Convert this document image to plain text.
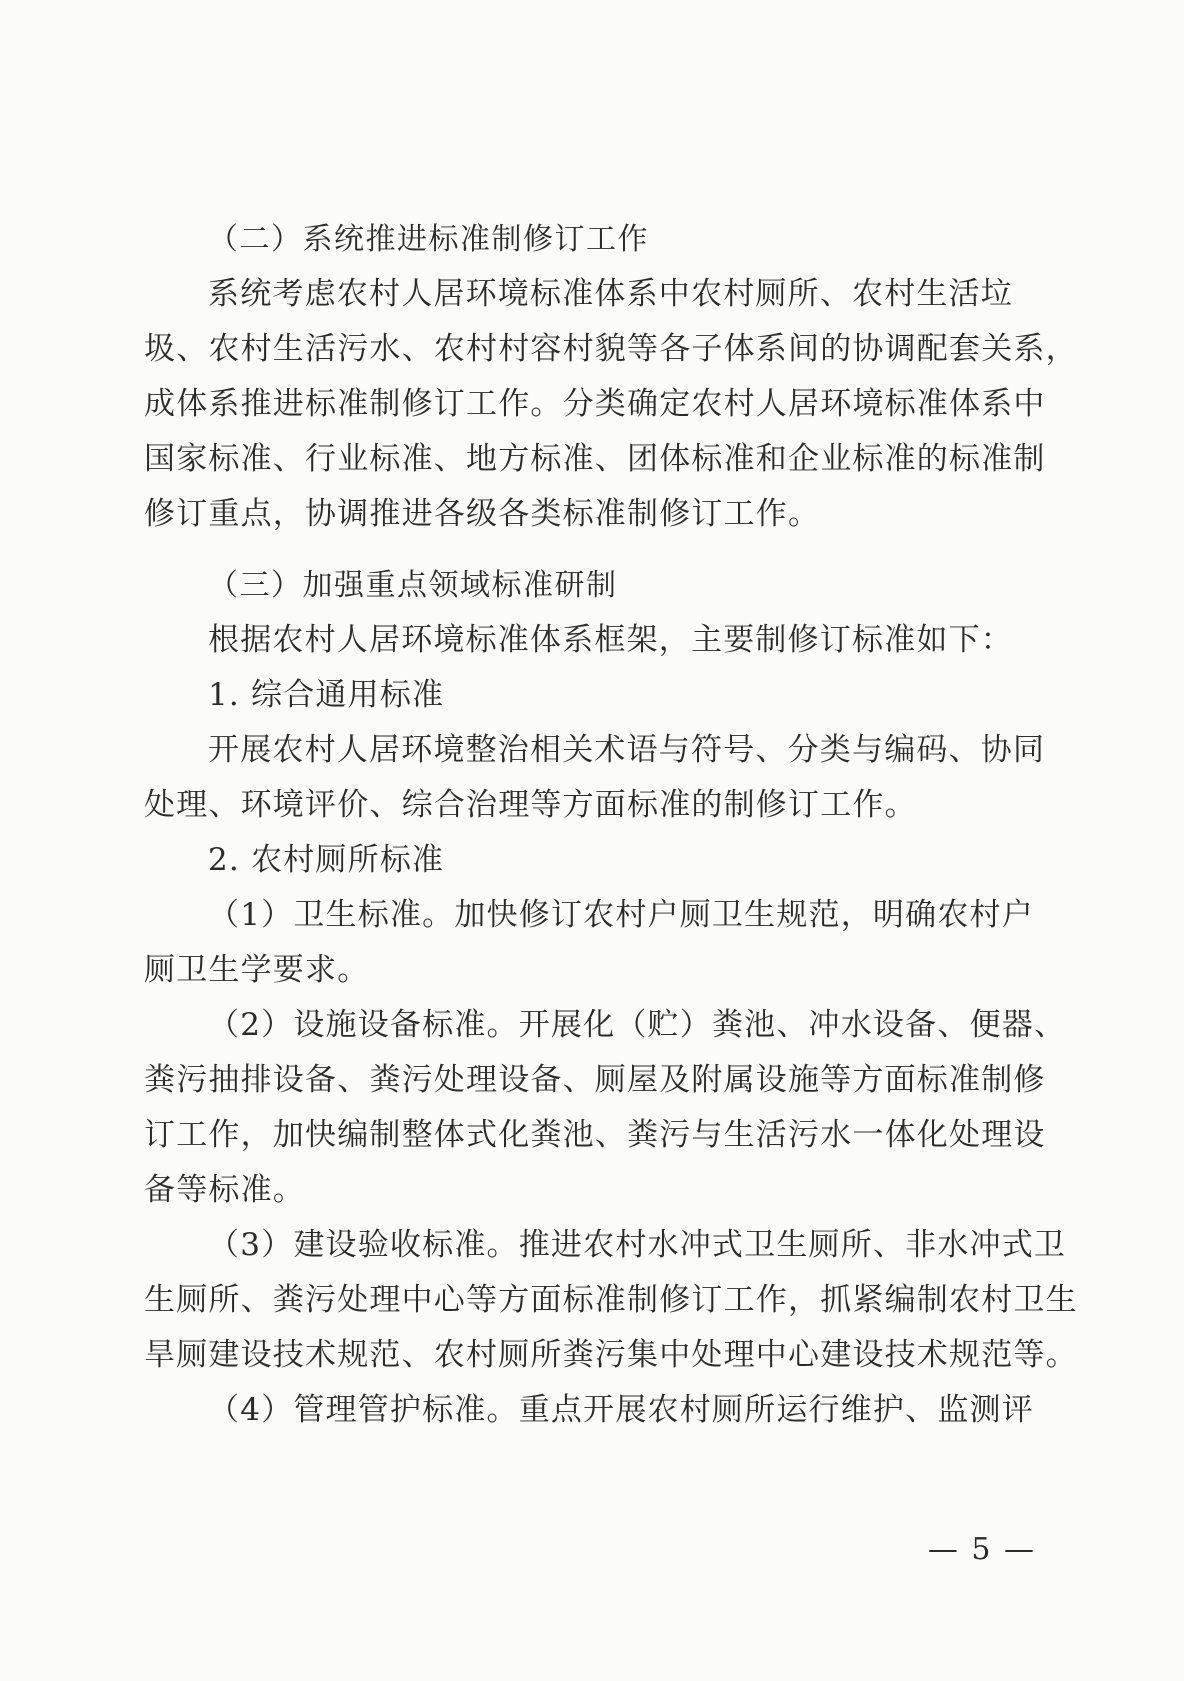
（二）系统推进标准制修订工作
系统考虑农村人居环境标准体系中农村厕所、农村生活垃
圾、农村生活污水、农村村容村貌等各子体系间的协调配套关系，
成体系推进标准制修订工作。分类确定农村人居环境标准体系中
国家标准、行业标准、地方标准、团体标准和企业标准的标准制
修订重点，协调推进各级各类标准制修订工作。
（三）加强重点领域标准研制
根据农村人居环境标准体系框架，主要制修订标准如下：
1. 综合通用标准
开展农村人居环境整治相关术语与符号、分类与编码、协同
处理、环境评价、综合治理等方面标准的制修订工作。
2. 农村厕所标准
（1）卫生标准。加快修订农村户厕卫生规范，明确农村户
厕卫生学要求。
（2）设施设备标准。开展化（贮）粪池、冲水设备、便器、
粪污抽排设备、粪污处理设备、厕屋及附属设施等方面标准制修
订工作，加快编制整体式化粪池、粪污与生活污水一体化处理设
备等标准。
（3）建设验收标准。推进农村水冲式卫生厕所、非水冲式卫
生厕所、粪污处理中心等方面标准制修订工作，抓紧编制农村卫生
旱厕建设技术规范、农村厕所粪污集中处理中心建设技术规范等。
（4）管理管护标准。重点开展农村厕所运行维护、监测评
— 5 —
